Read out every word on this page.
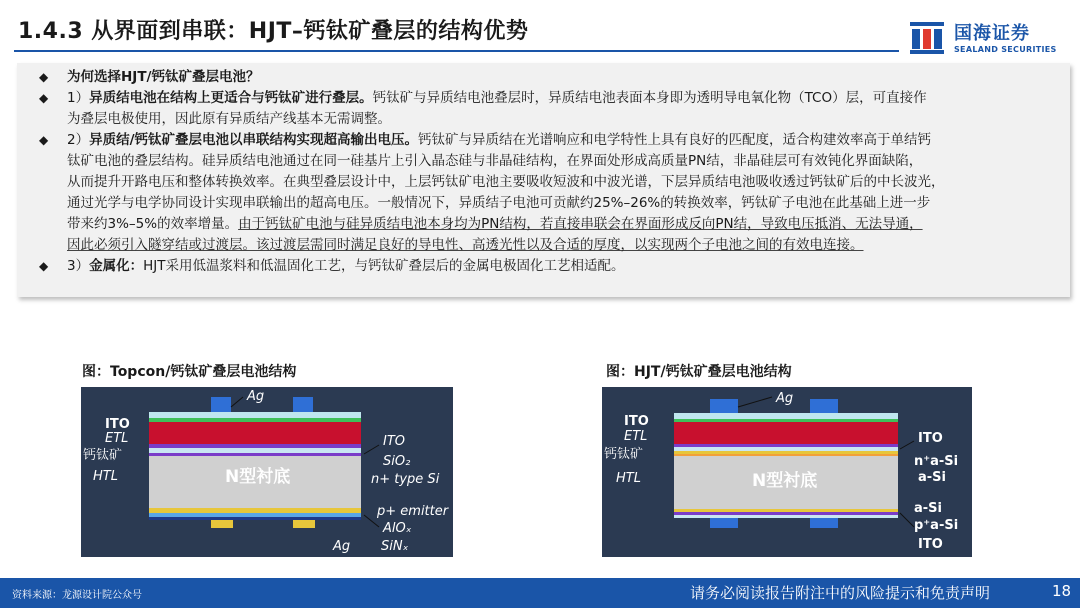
1.4.3 从界面到串联：HJT–钙钛矿叠层的结构优势	国海证券
SEALAND SECURITIES
◆	为何选择HJT/钙钛矿叠层电池？
◆	1）异质结电池在结构上更适合与钙钛矿进行叠层。钙钛矿与异质结电池叠层时，异质结电池表面本身即为透明导电氧化物（TCO）层，可直接作
为叠层电极使用，因此原有异质结产线基本无需调整。
◆	2）异质结/钙钛矿叠层电池以串联结构实现超高输出电压。钙钛矿与异质结在光谱响应和电学特性上具有良好的匹配度，适合构建效率高于单结钙
钛矿电池的叠层结构。硅异质结电池通过在同一硅基片上引入晶态硅与非晶硅结构，在界面处形成高质量PN结，非晶硅层可有效钝化界面缺陷，
从而提升开路电压和整体转换效率。在典型叠层设计中，上层钙钛矿电池主要吸收短波和中波光谱，下层异质结电池吸收透过钙钛矿后的中长波光，
通过光学与电学协同设计实现串联输出的超高电压。一般情况下，异质结子电池可贡献约25%–26%的转换效率，钙钛矿子电池在此基础上进一步
带来约3%–5%的效率增量。由于钙钛矿电池与硅异质结电池本身均为PN结构，若直接串联会在界面形成反向PN结，导致电压抵消、无法导通，
因此必须引入隧穿结或过渡层。该过渡层需同时满足良好的导电性、高透光性以及合适的厚度，以实现两个子电池之间的有效电连接。
◆	3）金属化：HJT采用低温浆料和低温固化工艺，与钙钛矿叠层后的金属电极固化工艺相适配。
图：Topcon/钙钛矿叠层电池结构	图：HJT/钙钛矿叠层电池结构
N型衬底
Ag
ITO
ETL
钙钛矿
HTL
ITO
SiO₂
n+ type Si
p+ emitter
AlOₓ
Ag SiNₓ
N型衬底
Ag
ITO
ETL
钙钛矿
HTL
ITO
n⁺a-Si
a-Si
a-Si
p⁺a-Si
ITO
资料来源：龙源设计院公众号	请务必阅读报告附注中的风险提示和免责声明	18
